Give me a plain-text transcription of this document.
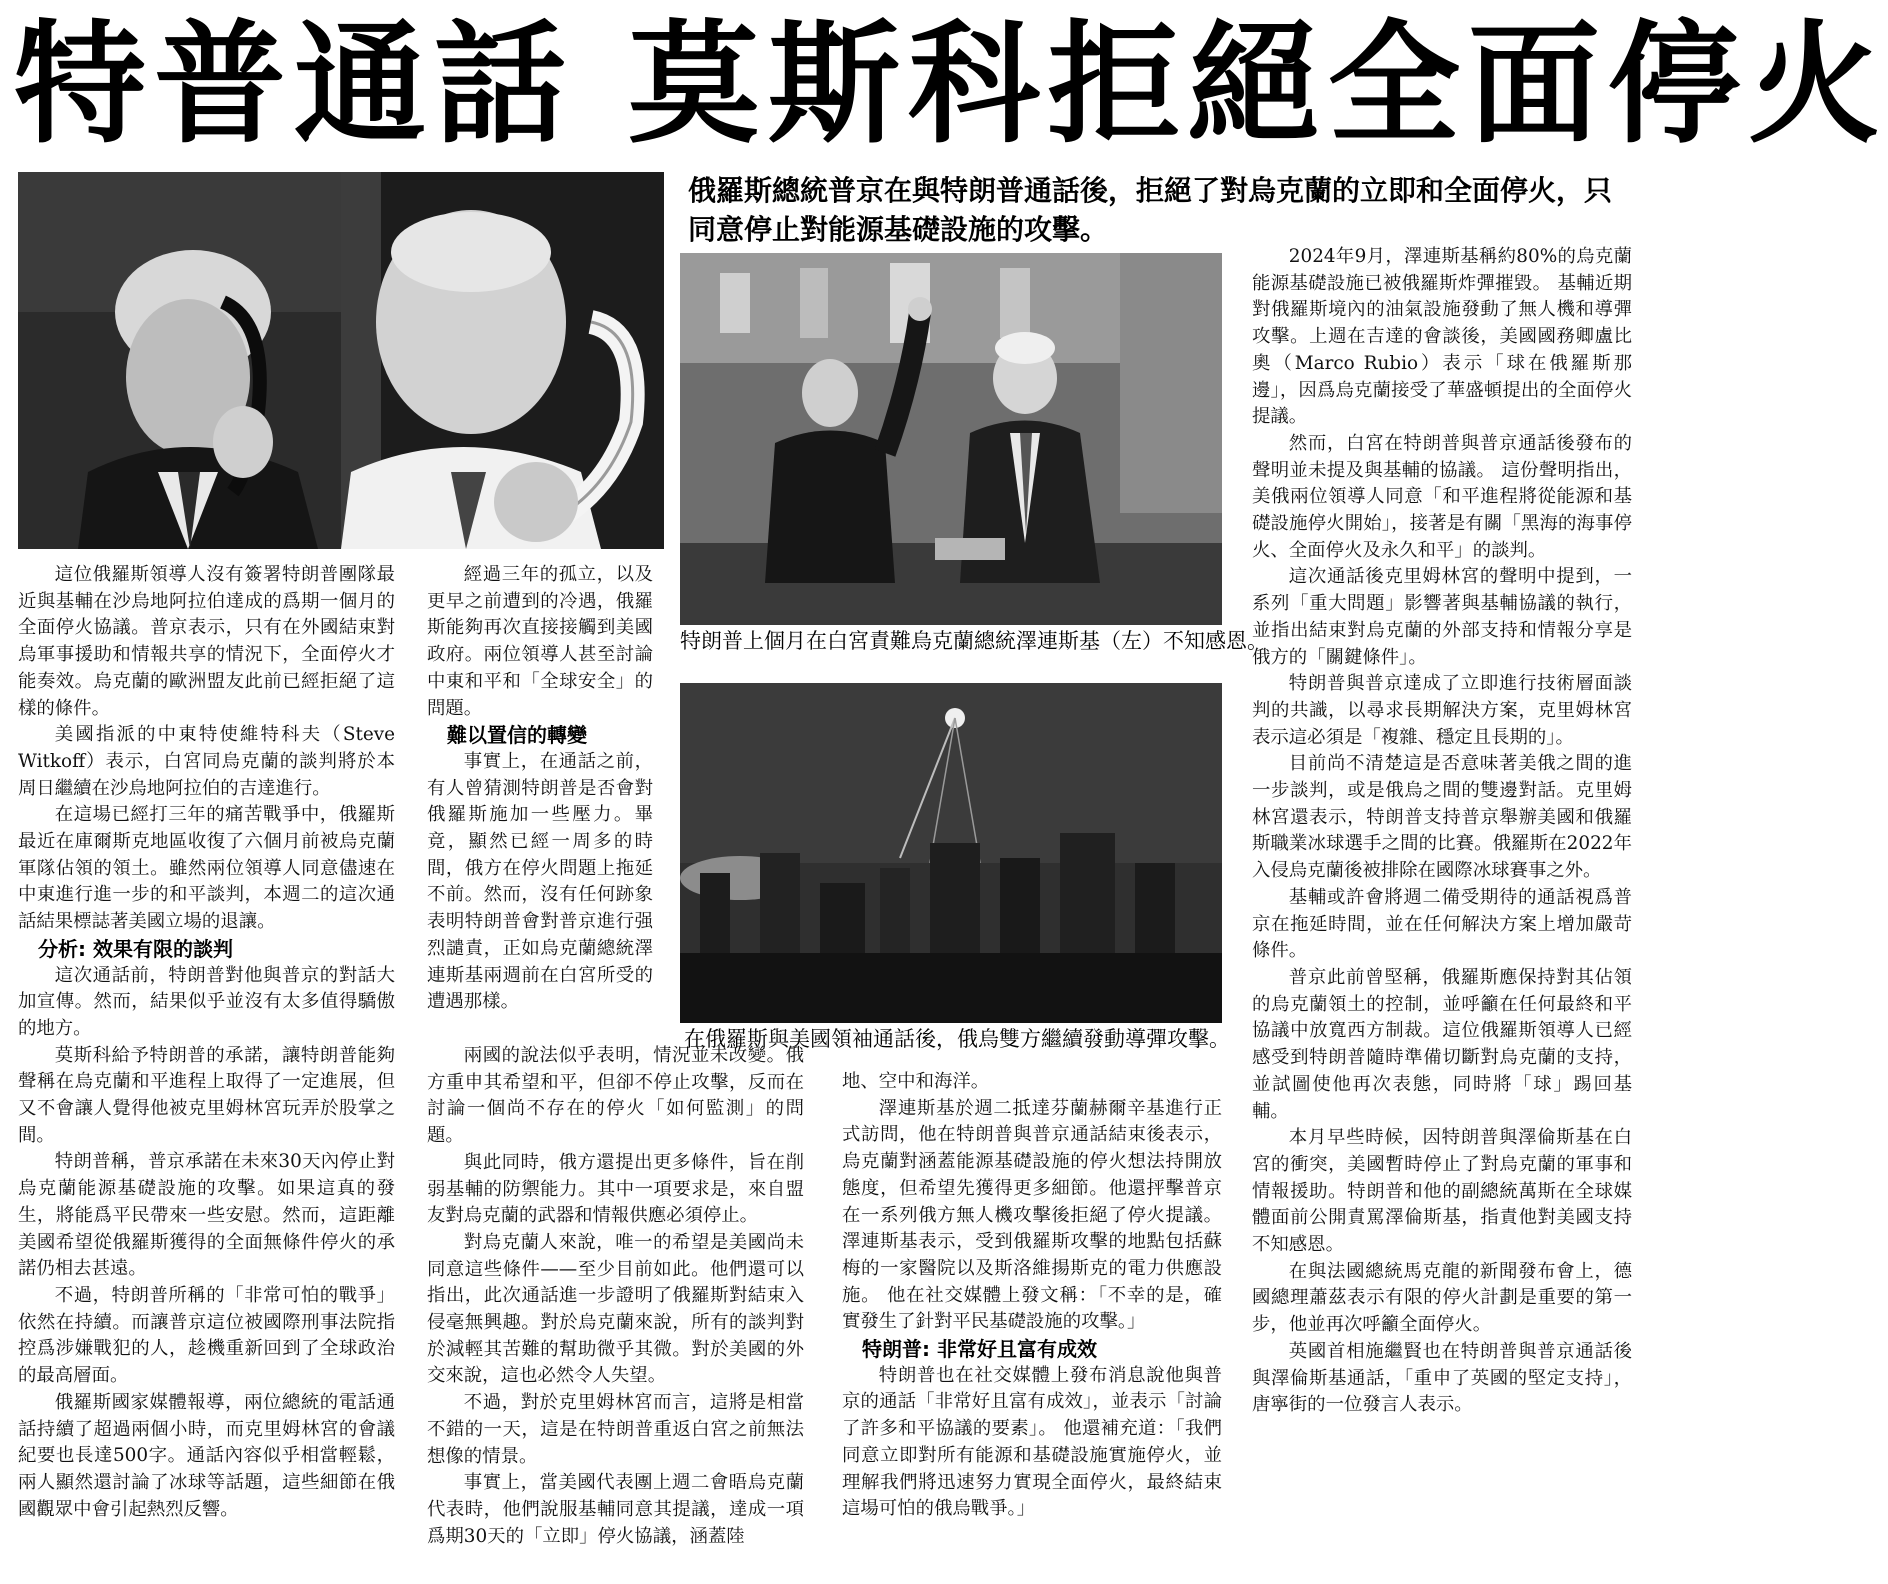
特普通話 莫斯科拒絕全面停火
俄羅斯總統普京在與特朗普通話後，拒絕了對烏克蘭的立即和全面停火，只同意停止對能源基礎設施的攻擊。
特朗普上個月在白宮責難烏克蘭總統澤連斯基（左）不知感恩。
在俄羅斯與美國領袖通話後，俄烏雙方繼續發動導彈攻擊。

這位俄羅斯領導人沒有簽署特朗普團隊最近與基輔在沙烏地阿拉伯達成的爲期一個月的全面停火協議。普京表示，只有在外國結束對烏軍事援助和情報共享的情況下，全面停火才能奏效。烏克蘭的歐洲盟友此前已經拒絕了這樣的條件。

美國指派的中東特使維特科夫（Steve Witkoff）表示，白宮同烏克蘭的談判將於本周日繼續在沙烏地阿拉伯的吉達進行。

在這場已經打三年的痛苦戰爭中，俄羅斯最近在庫爾斯克地區收復了六個月前被烏克蘭軍隊佔領的領土。雖然兩位領導人同意儘速在中東進行進一步的和平談判，本週二的這次通話結果標誌著美國立場的退讓。

分析: 效果有限的談判

這次通話前，特朗普對他與普京的對話大加宣傳。然而，結果似乎並沒有太多值得驕傲的地方。

莫斯科給予特朗普的承諾，讓特朗普能夠聲稱在烏克蘭和平進程上取得了一定進展，但又不會讓人覺得他被克里姆林宮玩弄於股掌之間。

特朗普稱，普京承諾在未來30天內停止對烏克蘭能源基礎設施的攻擊。如果這真的發生，將能爲平民帶來一些安慰。然而，這距離美國希望從俄羅斯獲得的全面無條件停火的承諾仍相去甚遠。

不過，特朗普所稱的「非常可怕的戰爭」依然在持續。而讓普京這位被國際刑事法院指控爲涉嫌戰犯的人，趁機重新回到了全球政治的最高層面。

俄羅斯國家媒體報導，兩位總統的電話通話持續了超過兩個小時，而克里姆林宮的會議紀要也長達500字。通話內容似乎相當輕鬆，兩人顯然還討論了冰球等話題，這些細節在俄國觀眾中會引起熱烈反響。

經過三年的孤立，以及更早之前遭到的冷遇，俄羅斯能夠再次直接接觸到美國政府。兩位領導人甚至討論中東和平和「全球安全」的問題。

難以置信的轉變

事實上，在通話之前，有人曾猜測特朗普是否會對俄羅斯施加一些壓力。畢竟，顯然已經一周多的時間，俄方在停火問題上拖延不前。然而，沒有任何跡象表明特朗普會對普京進行强烈譴責，正如烏克蘭總統澤連斯基兩週前在白宮所受的遭遇那樣。

兩國的說法似乎表明，情況並未改變。俄方重申其希望和平，但卻不停止攻擊，反而在討論一個尚不存在的停火「如何監測」的問題。

與此同時，俄方還提出更多條件，旨在削弱基輔的防禦能力。其中一項要求是，來自盟友對烏克蘭的武器和情報供應必須停止。

對烏克蘭人來說，唯一的希望是美國尚未同意這些條件——至少目前如此。他們還可以指出，此次通話進一步證明了俄羅斯對結束入侵毫無興趣。對於烏克蘭來說，所有的談判對於減輕其苦難的幫助微乎其微。對於美國的外交來說，這也必然令人失望。

不過，對於克里姆林宮而言，這將是相當不錯的一天，這是在特朗普重返白宮之前無法想像的情景。

事實上，當美國代表團上週二會晤烏克蘭代表時，他們說服基輔同意其提議，達成一項爲期30天的「立即」停火協議，涵蓋陸

地、空中和海洋。

澤連斯基於週二抵達芬蘭赫爾辛基進行正式訪問，他在特朗普與普京通話結束後表示，烏克蘭對涵蓋能源基礎設施的停火想法持開放態度，但希望先獲得更多細節。他還抨擊普京在一系列俄方無人機攻擊後拒絕了停火提議。澤連斯基表示，受到俄羅斯攻擊的地點包括蘇梅的一家醫院以及斯洛維揚斯克的電力供應設施。 他在社交媒體上發文稱：「不幸的是，確實發生了針對平民基礎設施的攻擊。」

特朗普: 非常好且富有成效

特朗普也在社交媒體上發布消息說他與普京的通話「非常好且富有成效」，並表示「討論了許多和平協議的要素」。 他還補充道：「我們同意立即對所有能源和基礎設施實施停火，並理解我們將迅速努力實現全面停火，最終結束這場可怕的俄烏戰爭。」

2024年9月，澤連斯基稱約80%的烏克蘭能源基礎設施已被俄羅斯炸彈摧毀。 基輔近期對俄羅斯境內的油氣設施發動了無人機和導彈攻擊。上週在吉達的會談後，美國國務卿盧比奧（Marco Rubio）表示「球在俄羅斯那邊」，因爲烏克蘭接受了華盛頓提出的全面停火提議。

然而，白宮在特朗普與普京通話後發布的聲明並未提及與基輔的協議。 這份聲明指出，美俄兩位領導人同意「和平進程將從能源和基礎設施停火開始」，接著是有關「黑海的海事停火、全面停火及永久和平」的談判。

這次通話後克里姆林宮的聲明中提到，一系列「重大問題」影響著與基輔協議的執行，並指出結束對烏克蘭的外部支持和情報分享是俄方的「關鍵條件」。

特朗普與普京達成了立即進行技術層面談判的共識，以尋求長期解決方案，克里姆林宮表示這必須是「複雜、穩定且長期的」。

目前尚不清楚這是否意味著美俄之間的進一步談判，或是俄烏之間的雙邊對話。克里姆林宮還表示，特朗普支持普京舉辦美國和俄羅斯職業冰球選手之間的比賽。俄羅斯在2022年入侵烏克蘭後被排除在國際冰球賽事之外。

基輔或許會將週二備受期待的通話視爲普京在拖延時間，並在任何解決方案上增加嚴苛條件。

普京此前曾堅稱，俄羅斯應保持對其佔領的烏克蘭領土的控制，並呼籲在任何最終和平協議中放寬西方制裁。這位俄羅斯領導人已經感受到特朗普隨時準備切斷對烏克蘭的支持，並試圖使他再次表態，同時將「球」踢回基輔。

本月早些時候，因特朗普與澤倫斯基在白宮的衝突，美國暫時停止了對烏克蘭的軍事和情報援助。特朗普和他的副總統萬斯在全球媒體面前公開責罵澤倫斯基，指責他對美國支持不知感恩。

在與法國總統馬克龍的新聞發布會上，德國總理蕭茲表示有限的停火計劃是重要的第一步，他並再次呼籲全面停火。

英國首相施繼賢也在特朗普與普京通話後與澤倫斯基通話，「重申了英國的堅定支持」，唐寧街的一位發言人表示。
